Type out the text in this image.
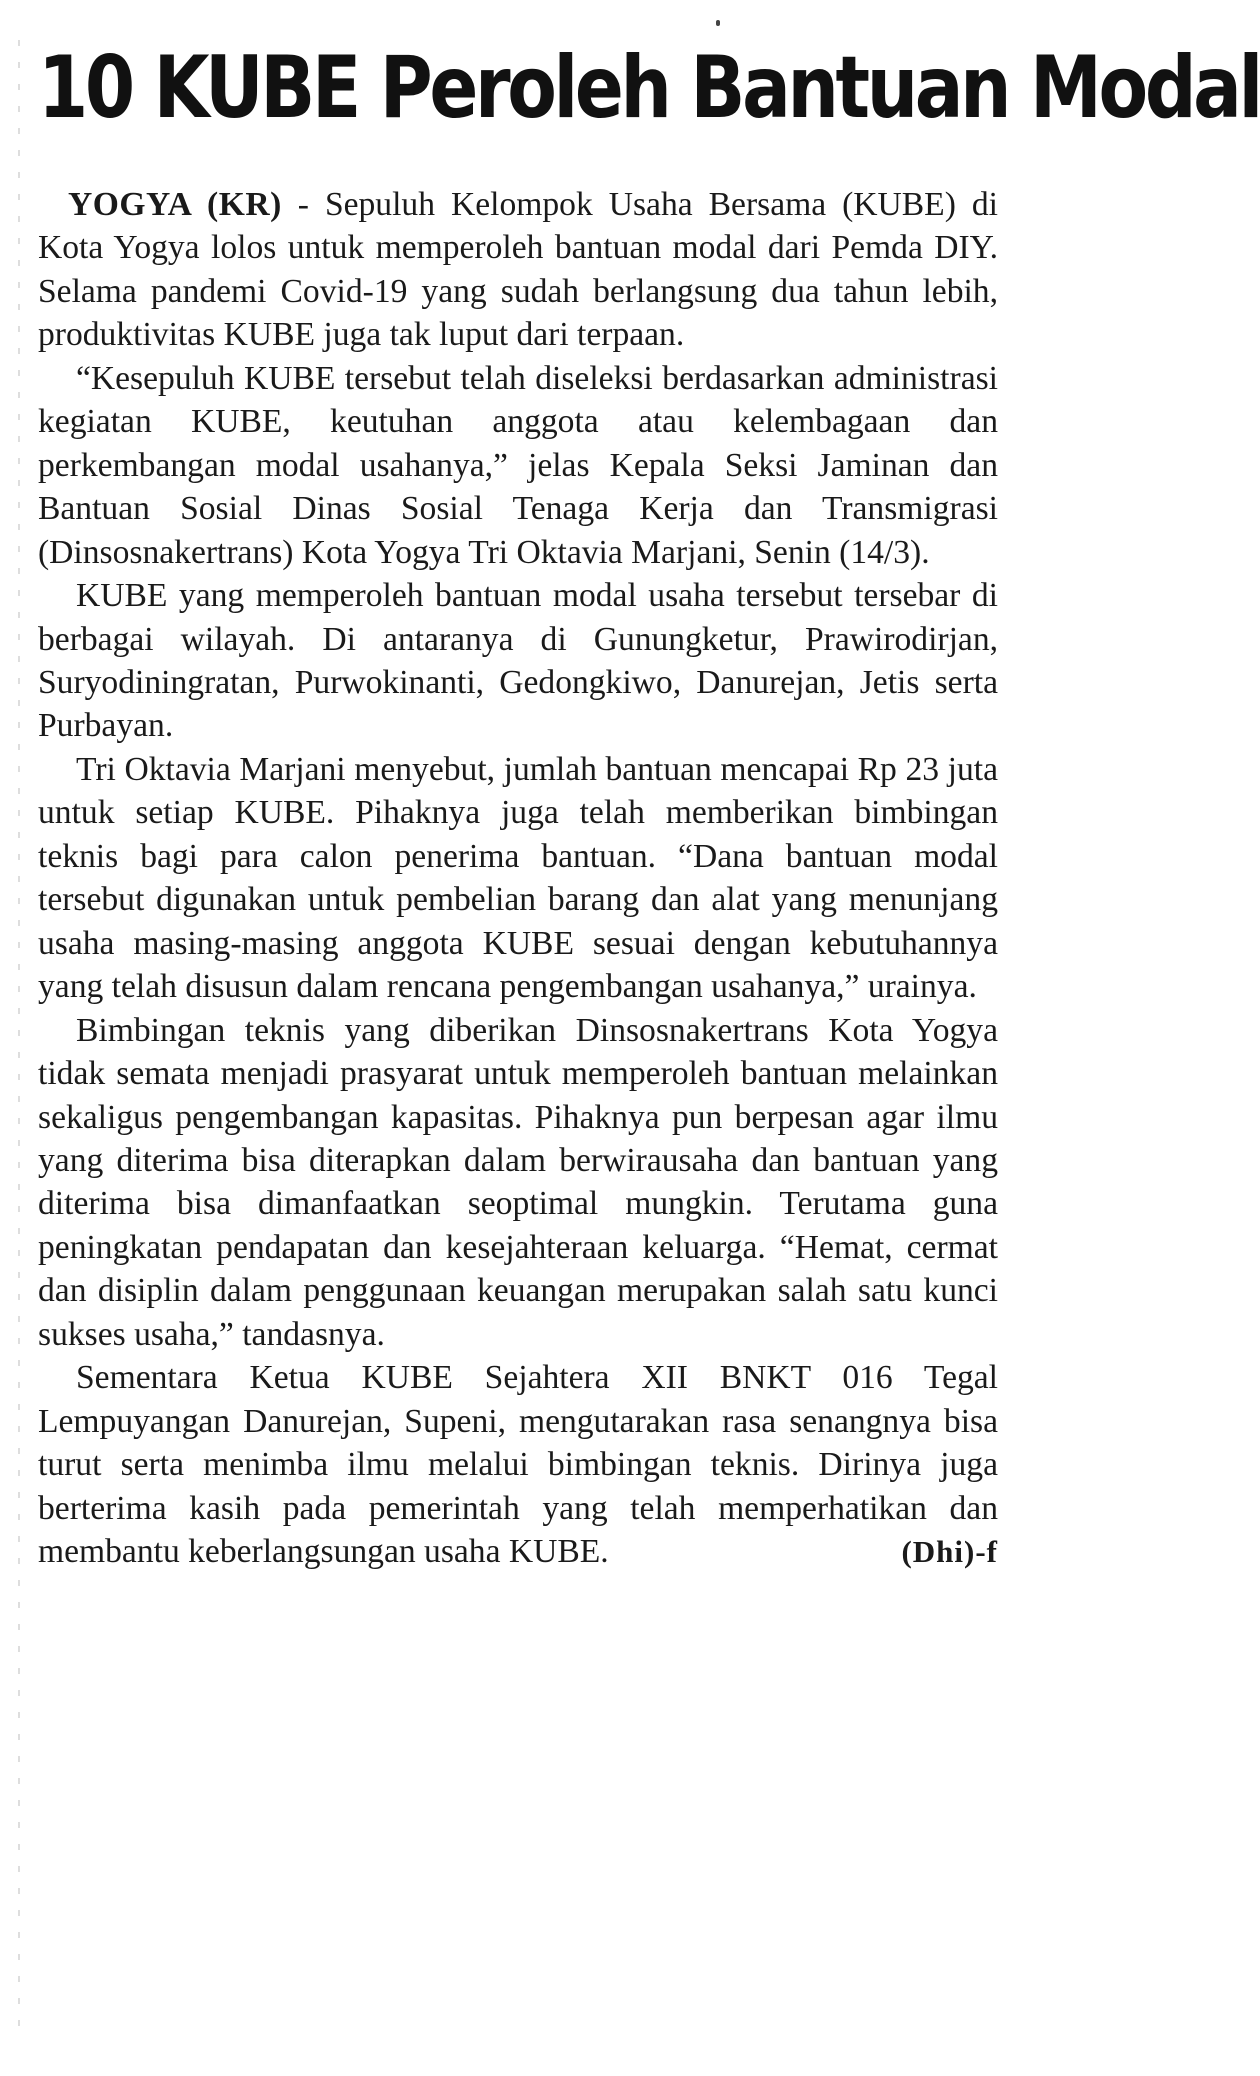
10 KUBE Peroleh Bantuan Modal

YOGYA (KR) - Sepuluh Kelompok Usaha Bersama (KUBE) di Kota Yogya lolos untuk memperoleh bantuan modal dari Pemda DIY. Selama pandemi Covid-19 yang sudah berlangsung dua tahun lebih, produktivitas KUBE juga tak luput dari terpaan.

“Kesepuluh KUBE tersebut telah diseleksi berdasarkan administrasi kegiatan KUBE, keutuhan anggota atau kelembagaan dan perkembangan modal usahanya,” jelas Kepala Seksi Jaminan dan Bantuan Sosial Dinas Sosial Tenaga Kerja dan Transmigrasi (Dinsosnakertrans) Kota Yogya Tri Oktavia Marjani, Senin (14/3).

KUBE yang memperoleh bantuan modal usaha tersebut tersebar di berbagai wilayah. Di antaranya di Gunungketur, Prawirodirjan, Suryodiningratan, Purwokinanti, Gedongkiwo, Danurejan, Jetis serta Purbayan.

Tri Oktavia Marjani menyebut, jumlah bantuan mencapai Rp 23 juta untuk setiap KUBE. Pihaknya juga telah memberikan bimbingan teknis bagi para calon penerima bantuan. “Dana bantuan modal tersebut digunakan untuk pembelian barang dan alat yang menunjang usaha masing-masing anggota KUBE sesuai dengan kebutuhannya yang telah disusun dalam rencana pengembangan usahanya,” urainya.

Bimbingan teknis yang diberikan Dinsosnakertrans Kota Yogya tidak semata menjadi prasyarat untuk memperoleh bantuan melainkan sekaligus pengembangan kapasitas. Pihaknya pun berpesan agar ilmu yang diterima bisa diterapkan dalam berwirausaha dan bantuan yang diterima bisa dimanfaatkan seoptimal mungkin. Terutama guna peningkatan pendapatan dan kesejahteraan keluarga. “Hemat, cermat dan disiplin dalam penggunaan keuangan merupakan salah satu kunci sukses usaha,” tandasnya.

Sementara Ketua KUBE Sejahtera XII BNKT 016 Tegal Lempuyangan Danurejan, Supeni, mengutarakan rasa senangnya bisa turut serta menimba ilmu melalui bimbingan teknis. Dirinya juga berterima kasih pada pemerintah yang telah memperhatikan dan membantu keberlangsungan usaha KUBE.	(Dhi)-f
